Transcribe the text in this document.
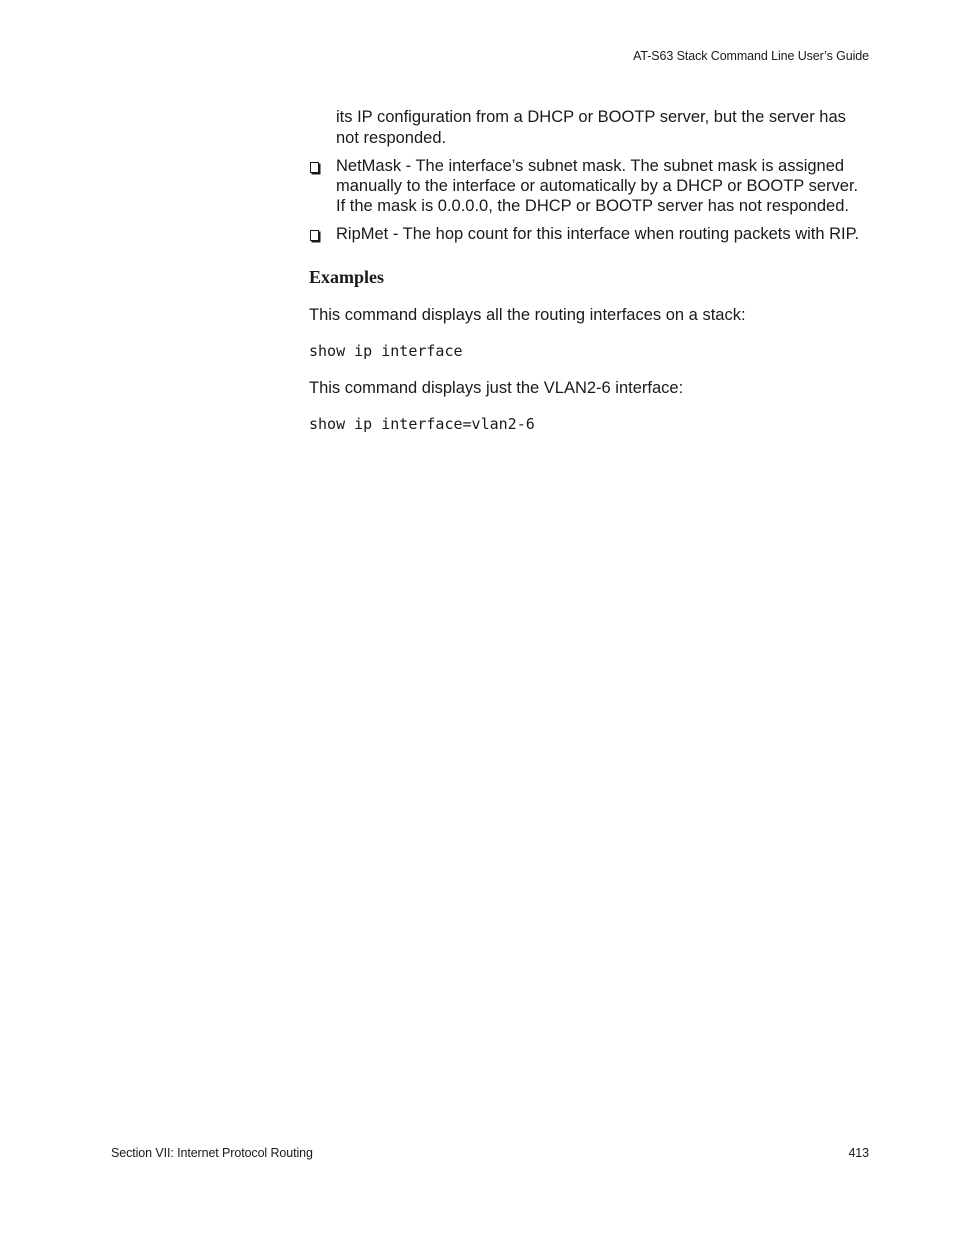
AT-S63 Stack Command Line User’s Guide

its IP configuration from a DHCP or BOOTP server, but the server has not responded.

NetMask - The interface’s subnet mask. The subnet mask is assigned manually to the interface or automatically by a DHCP or BOOTP server. If the mask is 0.0.0.0, the DHCP or BOOTP server has not responded.
RipMet - The hop count for this interface when routing packets with RIP.
Examples

This command displays all the routing interfaces on a stack:

show ip interface

This command displays just the VLAN2-6 interface:

show ip interface=vlan2-6
Section VII: Internet Protocol Routing	413
